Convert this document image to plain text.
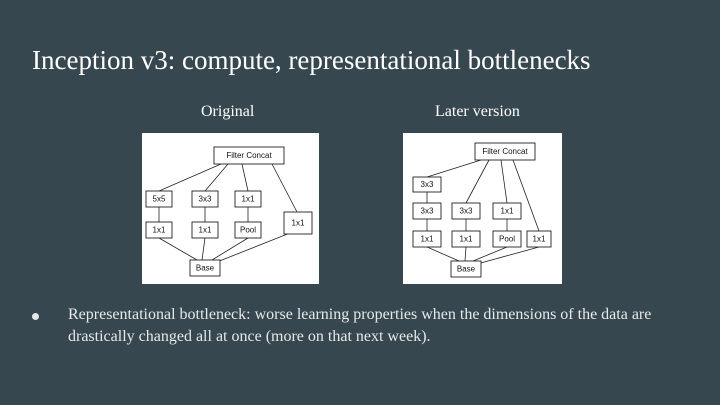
Inception v3: compute, representational bottlenecks
Original	Later version
Filter Concat
5x5	3x3	1x1
1x1	1x1	Pool
1x1
Base
Filter Concat
3x3
3x3	3x3	1x1
1x1	1x1	Pool 1x1
Base
Representational bottleneck: worse learning properties when the dimensions of the data are drastically changed all at once (more on that next week).
